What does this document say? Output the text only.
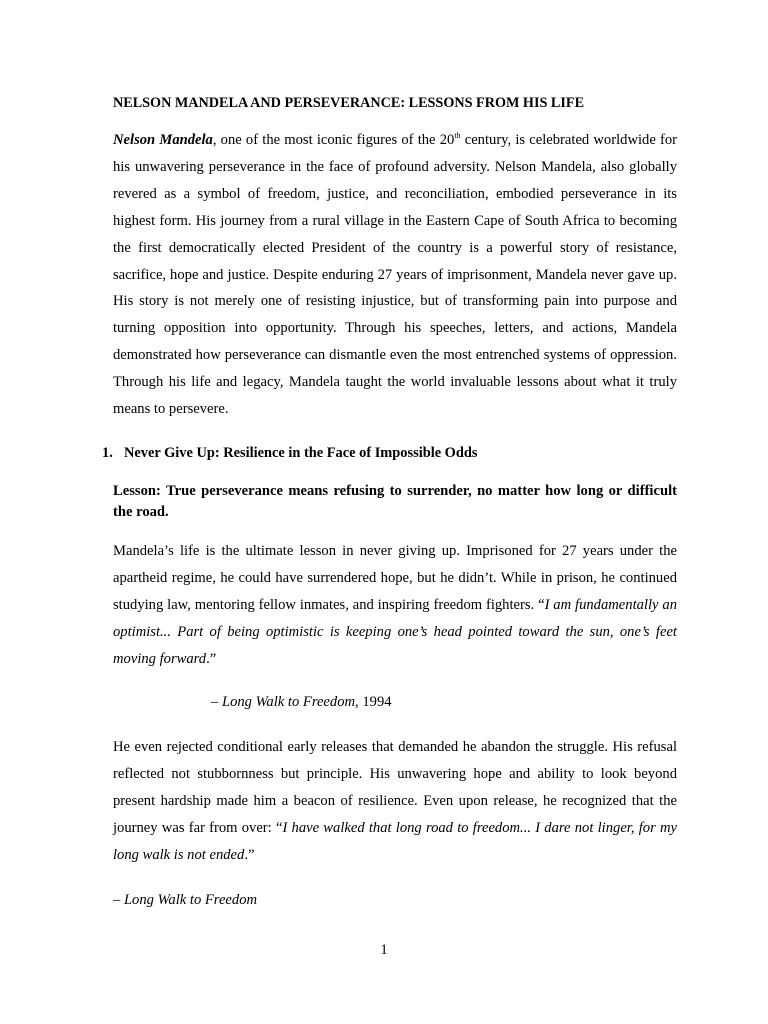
NELSON MANDELA AND PERSEVERANCE: LESSONS FROM HIS LIFE

Nelson Mandela, one of the most iconic figures of the 20th century, is celebrated worldwide for his unwavering perseverance in the face of profound adversity. Nelson Mandela, also globally revered as a symbol of freedom, justice, and reconciliation, embodied perseverance in its highest form. His journey from a rural village in the Eastern Cape of South Africa to becoming the first democratically elected President of the country is a powerful story of resistance, sacrifice, hope and justice. Despite enduring 27 years of imprisonment, Mandela never gave up. His story is not merely one of resisting injustice, but of transforming pain into purpose and turning opposition into opportunity. Through his speeches, letters, and actions, Mandela demonstrated how perseverance can dismantle even the most entrenched systems of oppression. Through his life and legacy, Mandela taught the world invaluable lessons about what it truly means to persevere.

1. Never Give Up: Resilience in the Face of Impossible Odds

Lesson: True perseverance means refusing to surrender, no matter how long or difficult the road.

Mandela’s life is the ultimate lesson in never giving up. Imprisoned for 27 years under the apartheid regime, he could have surrendered hope, but he didn’t. While in prison, he continued studying law, mentoring fellow inmates, and inspiring freedom fighters. “I am fundamentally an optimist... Part of being optimistic is keeping one’s head pointed toward the sun, one’s feet moving forward.”

– Long Walk to Freedom, 1994

He even rejected conditional early releases that demanded he abandon the struggle. His refusal reflected not stubbornness but principle. His unwavering hope and ability to look beyond present hardship made him a beacon of resilience. Even upon release, he recognized that the journey was far from over: “I have walked that long road to freedom... I dare not linger, for my long walk is not ended.”

– Long Walk to Freedom

1
